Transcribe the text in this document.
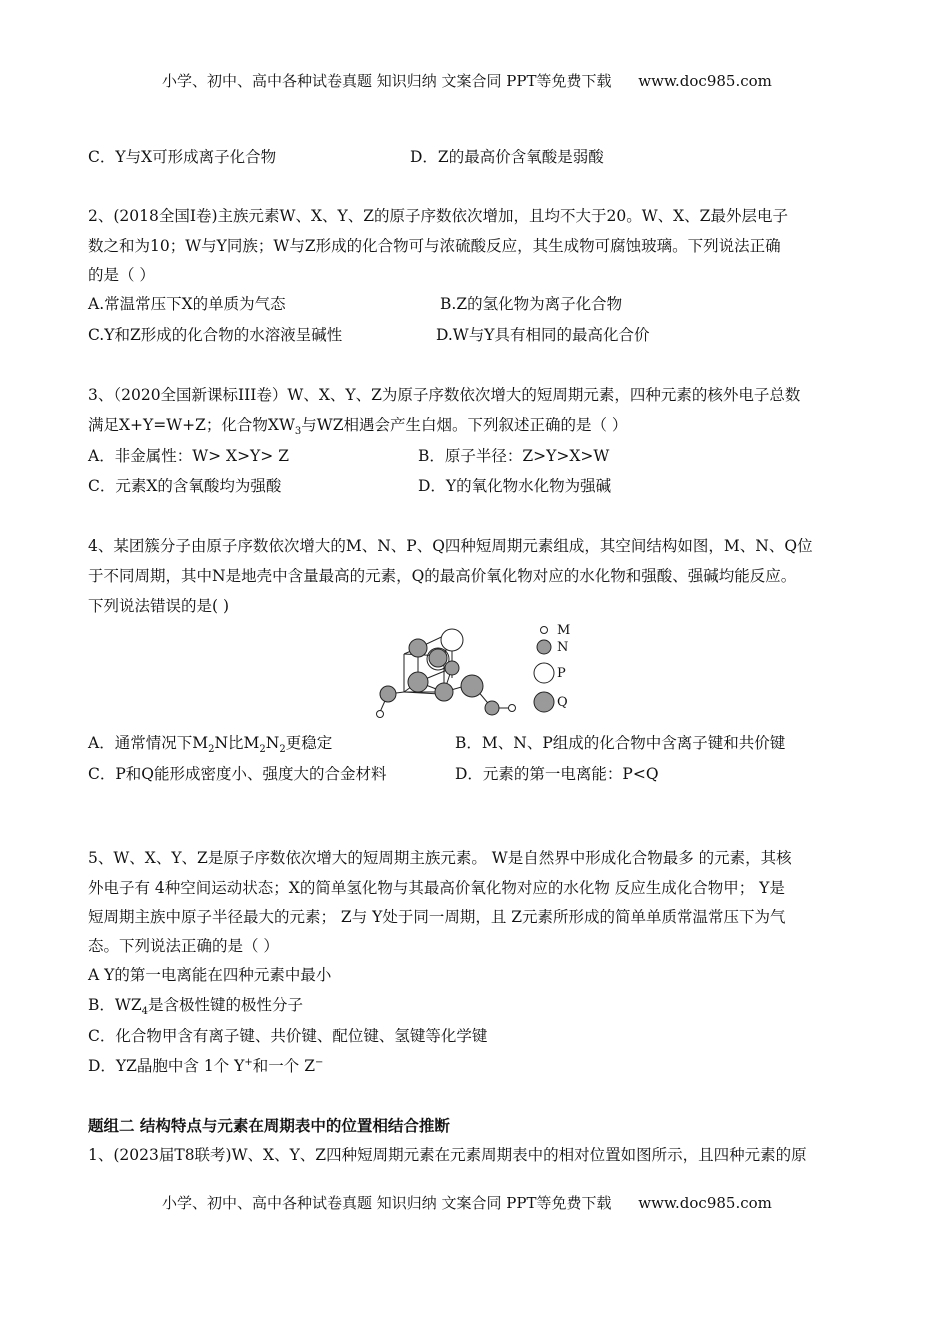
小学、初中、高中各种试卷真题 知识归纳 文案合同 PPT等免费下载 www.doc985.com
C．Y与X可形成离子化合物	D．Z的最高价含氧酸是弱酸
2、(2018全国Ⅰ卷)主族元素W、X、Y、Z的原子序数依次增加，且均不大于20。W、X、Z最外层电子
数之和为10；W与Y同族；W与Z形成的化合物可与浓硫酸反应，其生成物可腐蚀玻璃。下列说法正确
的是（ ）
A.常温常压下X的单质为气态	B.Z的氢化物为离子化合物
C.Y和Z形成的化合物的水溶液呈碱性	D.W与Y具有相同的最高化合价
3、（2020全国新课标III卷）W、X、Y、Z为原子序数依次增大的短周期元素，四种元素的核外电子总数
满足X+Y=W+Z；化合物$XW_3$与WZ相遇会产生白烟。下列叙述正确的是（ ）
A．非金属性：W> X>Y> Z	B．原子半径：Z>Y>X>W
C．元素X的含氧酸均为强酸	D．Y的氧化物水化物为强碱
4、某团簇分子由原子序数依次增大的M、N、P、Q四种短周期元素组成，其空间结构如图，M、N、Q位
于不同周期，其中N是地壳中含量最高的元素，Q的最高价氧化物对应的水化物和强酸、强碱均能反应。
下列说法错误的是( )
M
N
P
Q
A．通常情况下$M_2N$比$M_2N_2$更稳定	B．M、N、P组成的化合物中含离子键和共价键
C．P和Q能形成密度小、强度大的合金材料	D．元素的第一电离能：P<Q
5、W、X、Y、Z是原子序数依次增大的短周期主族元素。 W是自然界中形成化合物最多 的元素，其核
外电子有 4种空间运动状态；X的简单氢化物与其最高价氧化物对应的水化物 反应生成化合物甲； Y是
短周期主族中原子半径最大的元素； Z与 Y处于同一周期，且 Z元素所形成的简单单质常温常压下为气
态。下列说法正确的是（ ）
A Y的第一电离能在四种元素中最小
B．$WZ_4$是含极性键的极性分子
C．化合物甲含有离子键、共价键、配位键、氢键等化学键
D．YZ晶胞中含 1个 Y+和一个 Z−
题组二 结构特点与元素在周期表中的位置相结合推断
1、(2023届T8联考)W、X、Y、Z四种短周期元素在元素周期表中的相对位置如图所示，且四种元素的原
小学、初中、高中各种试卷真题 知识归纳 文案合同 PPT等免费下载 www.doc985.com
